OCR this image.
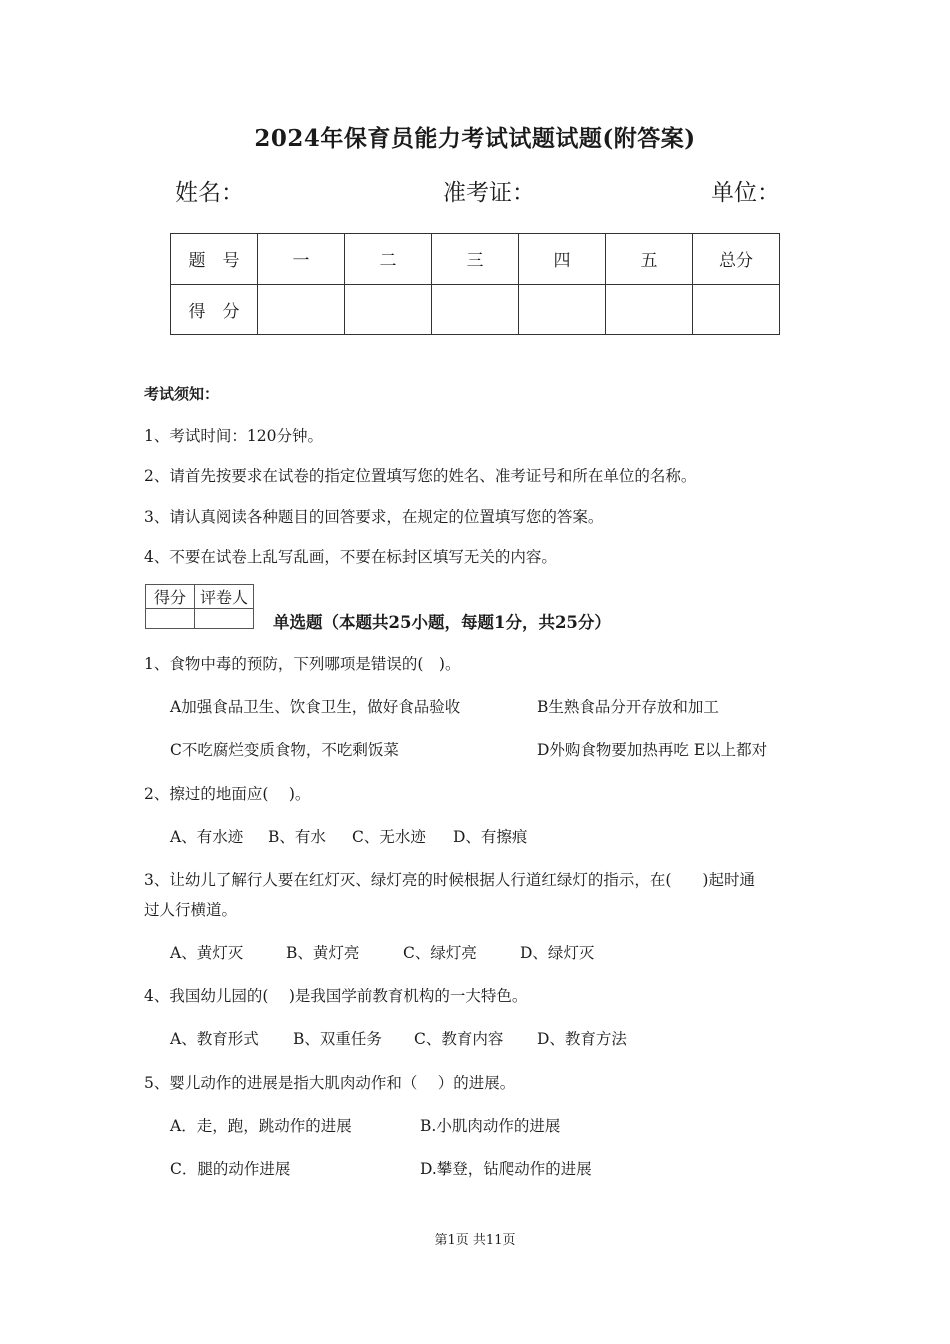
2024年保育员能力考试试题试题(附答案)
姓名：	准考证：	单位：
题　号	一	二	三	四	五	总分
得　分						
考试须知：
1、考试时间：120分钟。
2、请首先按要求在试卷的指定位置填写您的姓名、准考证号和所在单位的名称。
3、请认真阅读各种题目的回答要求，在规定的位置填写您的答案。
4、不要在试卷上乱写乱画，不要在标封区填写无关的内容。
得分	评卷人

单选题（本题共25小题，每题1分，共25分）
1、食物中毒的预防，下列哪项是错误的(　)。
A加强食品卫生、饮食卫生，做好食品验收	B生熟食品分开存放和加工
C不吃腐烂变质食物，不吃剩饭菜	D外购食物要加热再吃 E以上都对
2、擦过的地面应(　 )。
A、有水迹 B、有水 C、无水迹 D、有擦痕
3、让幼儿了解行人要在红灯灭、绿灯亮的时候根据人行道红绿灯的指示，在(　　)起时通
过人行横道。
A、黄灯灭	B、黄灯亮	C、绿灯亮	D、绿灯灭
4、我国幼儿园的(　 )是我国学前教育机构的一大特色。
A、教育形式 B、双重任务 C、教育内容 D、教育方法
5、婴儿动作的进展是指大肌肉动作和（　 ）的进展。
A．走，跑，跳动作的进展	B.小肌肉动作的进展
C．腿的动作进展	D.攀登，钻爬动作的进展
第1页 共11页
